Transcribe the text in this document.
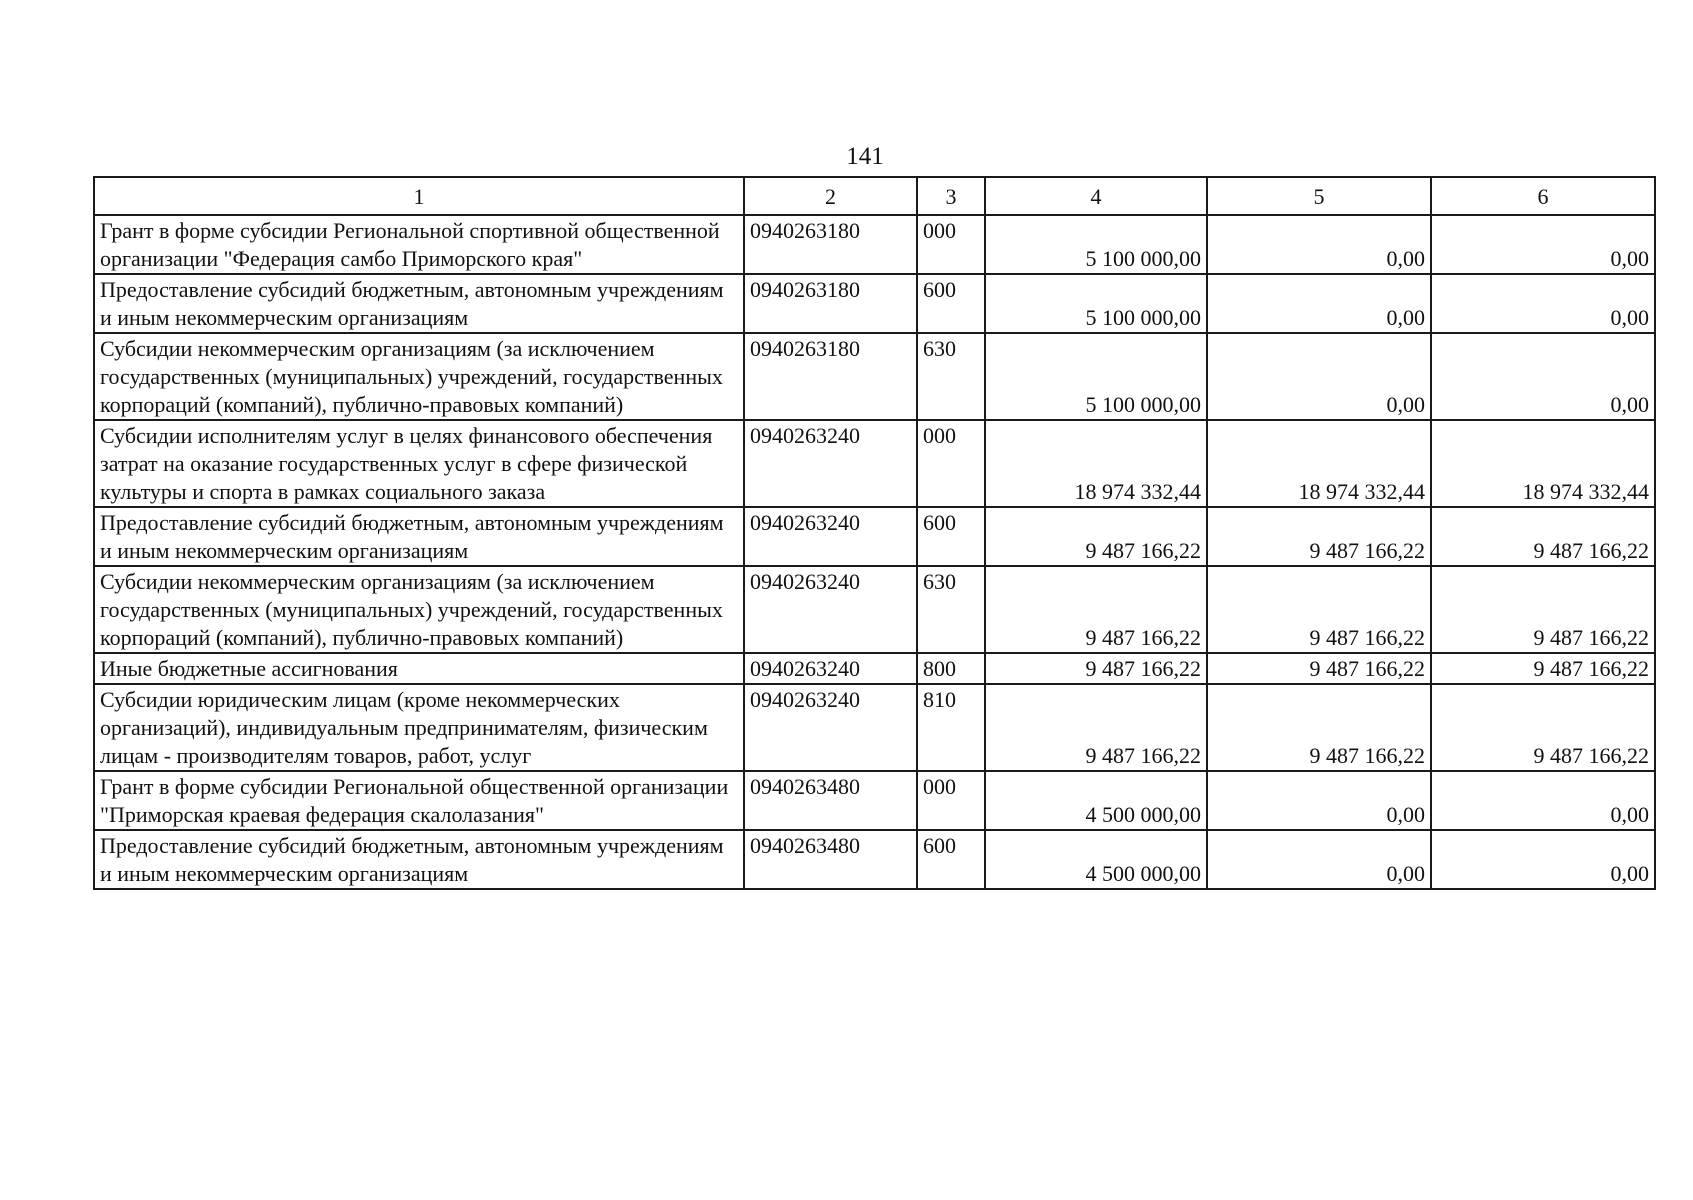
141
1	2	3	4	5	6
Грант в форме субсидии Региональной спортивной общественной организации "Федерация самбо Приморского края"	0940263180	000	5 100 000,00	0,00	0,00
Предоставление субсидий бюджетным, автономным учреждениям и иным некоммерческим организациям	0940263180	600	5 100 000,00	0,00	0,00
Субсидии некоммерческим организациям (за исключением государственных (муниципальных) учреждений, государственных корпораций (компаний), публично-правовых компаний)	0940263180	630	5 100 000,00	0,00	0,00
Субсидии исполнителям услуг в целях финансового обеспечения затрат на оказание государственных услуг в сфере физической культуры и спорта в рамках социального заказа	0940263240	000	18 974 332,44	18 974 332,44	18 974 332,44
Предоставление субсидий бюджетным, автономным учреждениям и иным некоммерческим организациям	0940263240	600	9 487 166,22	9 487 166,22	9 487 166,22
Субсидии некоммерческим организациям (за исключением государственных (муниципальных) учреждений, государственных корпораций (компаний), публично-правовых компаний)	0940263240	630	9 487 166,22	9 487 166,22	9 487 166,22
Иные бюджетные ассигнования	0940263240	800	9 487 166,22	9 487 166,22	9 487 166,22
Субсидии юридическим лицам (кроме некоммерческих организаций), индивидуальным предпринимателям, физическим лицам - производителям товаров, работ, услуг	0940263240	810	9 487 166,22	9 487 166,22	9 487 166,22
Грант в форме субсидии Региональной общественной организации "Приморская краевая федерация скалолазания"	0940263480	000	4 500 000,00	0,00	0,00
Предоставление субсидий бюджетным, автономным учреждениям и иным некоммерческим организациям	0940263480	600	4 500 000,00	0,00	0,00
